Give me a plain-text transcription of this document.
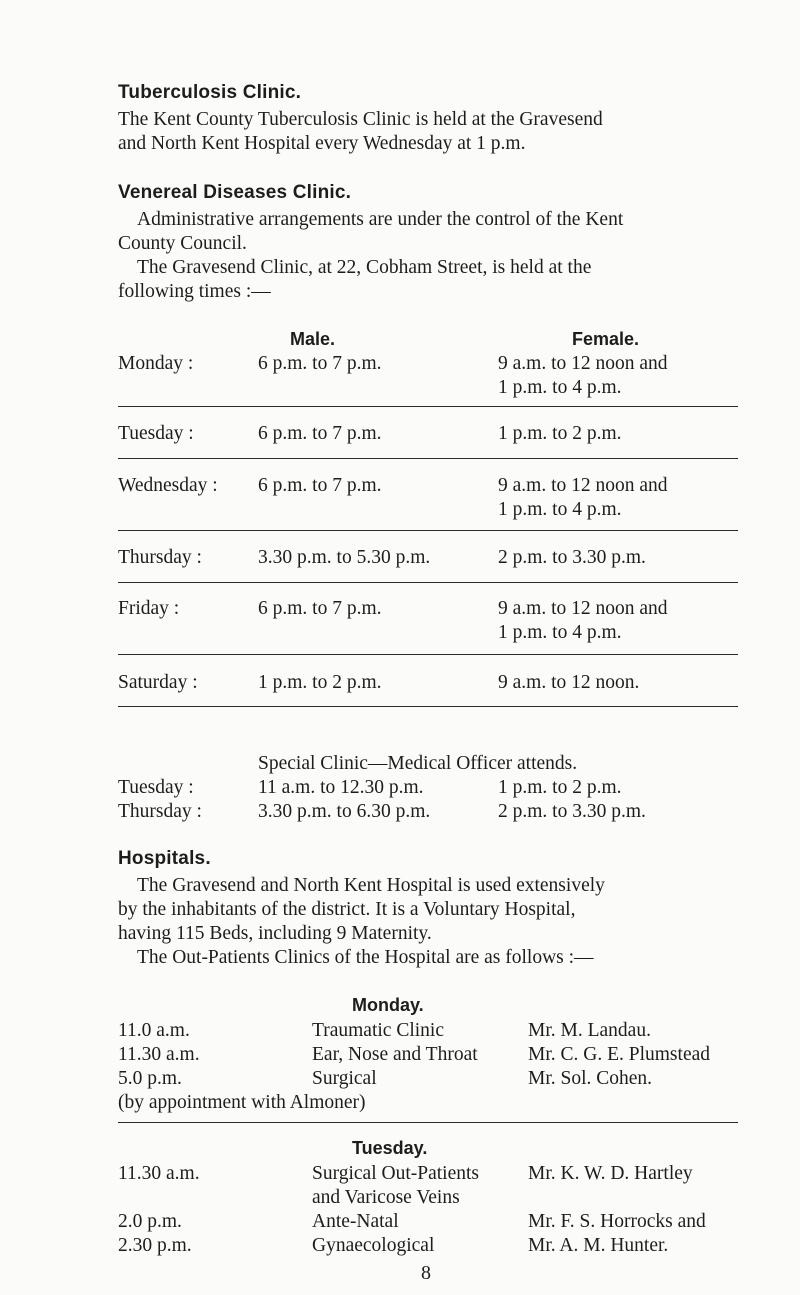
Tuberculosis Clinic.
The Kent County Tuberculosis Clinic is held at the Gravesend
and North Kent Hospital every Wednesday at 1 p.m.
Venereal Diseases Clinic.
Administrative arrangements are under the control of the Kent
County Council.
The Gravesend Clinic, at 22, Cobham Street, is held at the
following times :—
Male.	Female.
Monday :	6 p.m. to 7 p.m.	9 a.m. to 12 noon and
1 p.m. to 4 p.m.
Tuesday :	6 p.m. to 7 p.m.	1 p.m. to 2 p.m.
Wednesday : 6 p.m. to 7 p.m.	9 a.m. to 12 noon and
1 p.m. to 4 p.m.
Thursday :	3.30 p.m. to 5.30 p.m.	2 p.m. to 3.30 p.m.
Friday :	6 p.m. to 7 p.m.	9 a.m. to 12 noon and
1 p.m. to 4 p.m.
Saturday :	1 p.m. to 2 p.m.	9 a.m. to 12 noon.
Special Clinic—Medical Officer attends.
Tuesday :	11 a.m. to 12.30 p.m.	1 p.m. to 2 p.m.
Thursday :	3.30 p.m. to 6.30 p.m.	2 p.m. to 3.30 p.m.
Hospitals.
The Gravesend and North Kent Hospital is used extensively
by the inhabitants of the district. It is a Voluntary Hospital,
having 115 Beds, including 9 Maternity.
The Out-Patients Clinics of the Hospital are as follows :—
Monday.
11.0 a.m.	Traumatic Clinic	Mr. M. Landau.
11.30 a.m.	Ear, Nose and Throat	Mr. C. G. E. Plumstead
5.0 p.m.	Surgical	Mr. Sol. Cohen.
(by appointment with Almoner)
Tuesday.
11.30 a.m.	Surgical Out-Patients	Mr. K. W. D. Hartley
and Varicose Veins
2.0 p.m.	Ante-Natal	Mr. F. S. Horrocks and
2.30 p.m.	Gynaecological	Mr. A. M. Hunter.
8
